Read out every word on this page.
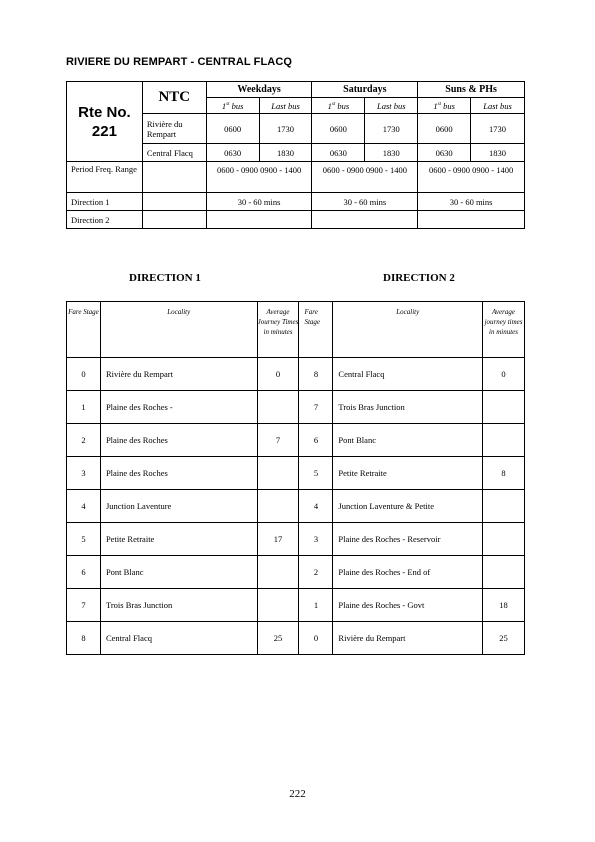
RIVIERE DU REMPART - CENTRAL FLACQ
Rte No.
221	NTC	Weekdays		Saturdays		Suns & PHs	
		1st bus	Last bus	1st bus	Last bus	1st bus	Last bus
	Rivière du Rempart	0600	1730	0600	1730	0600	1730
	Central Flacq	0630	1830	0630	1830	0630	1830
Period Freq. Range		0600 - 0900 0900 - 1400		0600 - 0900 0900 - 1400		0600 - 0900 0900 - 1400	
Direction 1		30 - 60 mins		30 - 60 mins		30 - 60 mins	
Direction 2							
DIRECTION 1	DIRECTION 2
Fare Stage	Locality	Average Journey Times in minutes	Fare Stage	Locality	Average journey times in minutes
0	Rivière du Rempart	0	8	Central Flacq	0
1	Plaine des Roches -		7	Trois Bras Junction	
2	Plaine des Roches	7	6	Pont Blanc	
3	Plaine des Roches		5	Petite Retraite	8
4	Junction Laventure		4	Junction Laventure & Petite	
5	Petite Retraite	17	3	Plaine des Roches - Reservoir	
6	Pont Blanc		2	Plaine des Roches - End of	
7	Trois Bras Junction		1	Plaine des Roches - Govt	18
8	Central Flacq	25	0	Rivière du Rempart	25
222
